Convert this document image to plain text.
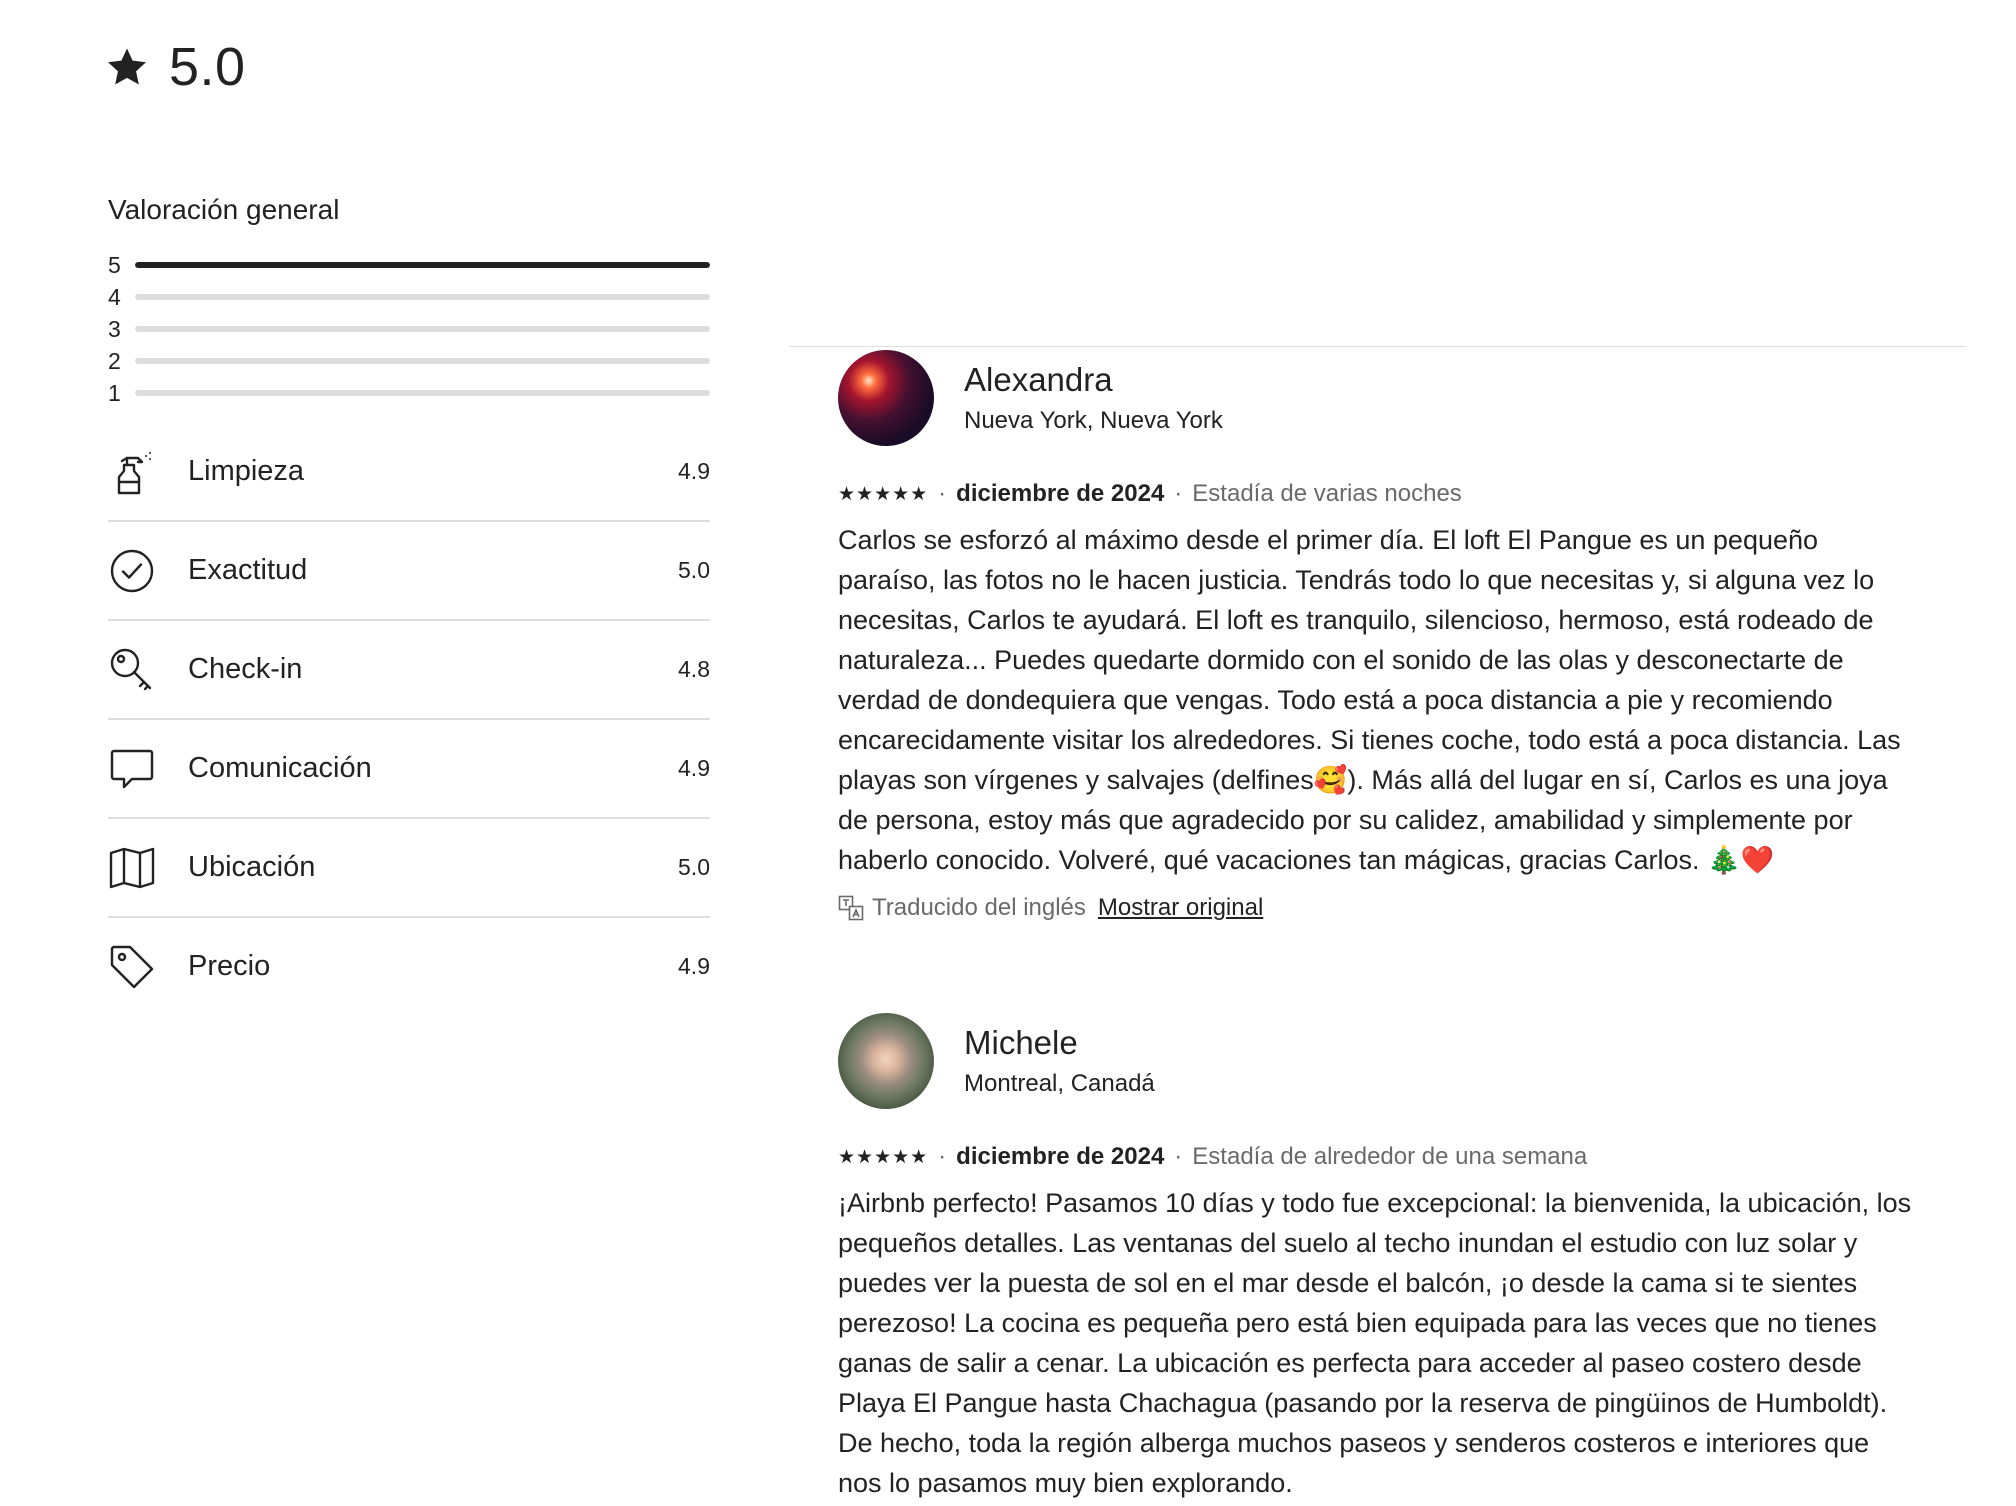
5.0
Valoración general
5
4
3
2
1
Limpieza	4.9
Exactitud	5.0
Check-in	4.8
Comunicación	4.9
Ubicación	5.0
Precio	4.9
Alexandra
Nueva York, Nueva York
★★★★★ · diciembre de 2024 · Estadía de varias noches
Carlos se esforzó al máximo desde el primer día. El loft El Pangue es un pequeño paraíso, las fotos no le hacen justicia. Tendrás todo lo que necesitas y, si alguna vez lo necesitas, Carlos te ayudará. El loft es tranquilo, silencioso, hermoso, está rodeado de naturaleza... Puedes quedarte dormido con el sonido de las olas y desconectarte de verdad de dondequiera que vengas. Todo está a poca distancia a pie y recomiendo encarecidamente visitar los alrededores. Si tienes coche, todo está a poca distancia. Las playas son vírgenes y salvajes (delfines🥰). Más allá del lugar en sí, Carlos es una joya de persona, estoy más que agradecido por su calidez, amabilidad y simplemente por haberlo conocido. Volveré, qué vacaciones tan mágicas, gracias Carlos. 🎄❤️
Traducido del inglés Mostrar original
Michele
Montreal, Canadá
★★★★★ · diciembre de 2024 · Estadía de alrededor de una semana
¡Airbnb perfecto! Pasamos 10 días y todo fue excepcional: la bienvenida, la ubicación, los pequeños detalles. Las ventanas del suelo al techo inundan el estudio con luz solar y puedes ver la puesta de sol en el mar desde el balcón, ¡o desde la cama si te sientes perezoso! La cocina es pequeña pero está bien equipada para las veces que no tienes ganas de salir a cenar. La ubicación es perfecta para acceder al paseo costero desde Playa El Pangue hasta Chachagua (pasando por la reserva de pingüinos de Humboldt). De hecho, toda la región alberga muchos paseos y senderos costeros e interiores que nos lo pasamos muy bien explorando.
